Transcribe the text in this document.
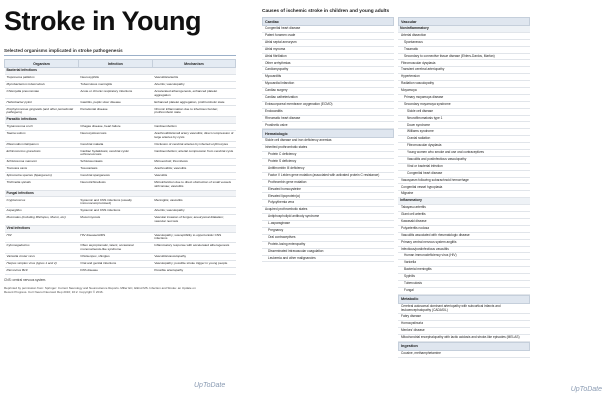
Stroke in Young
Selected organisms implicated in stroke pathogenesis
Organism	Infection	Mechanism
Bacterial infections		
Treponema pallidum	Neurosyphilis	Vasculitis/arteritis
Mycobacterium tuberculosis	Tuberculous meningitis	Arteritis; vasculopathy
Chlamydia pneumoniae	Acute or chronic respiratory infections	Accelerated atherogenesis, enhanced platelet aggregation
Helicobacter pylori	Gastritis, peptic ulcer disease	Enhanced platelet aggregation, prothrombotic state
Porphyromonas gingivalis (and other periodontal pathogens)	Periodontal disease	Chronic inflammation due to infectious burden; prothrombotic state
Parasitic infections		
Trypanosoma cruzi	Chagas disease, heart failure	Cardioembolism
Taenia solium	Neurocysticercosis	Arachnoiditis/small artery vasculitis; direct compression of large arteries by cysts
Plasmodium falciparum	Cerebral malaria	Occlusion of cerebral arteries by infected erythrocytes
Echinococcus granulosis	Cardiac hydatidosis; cerebral cystic echinococcosis	Cardioembolism; arterial compression from cerebral cysts
Schistosoma mansoni	Schistosomiasis	Microemboli; thrombosis
Toxocara canis	Toxocariasis	Arachnoiditis; vasculitis
Spirometra species (Sparganum)	Cerebral sparganosis	Vasculitis
Trichinella spiralis	Neurotrichinellosis	Microinfarction due to direct obstruction of small vessels with larvae; vasculitis
Fungal infections		
Cryptococcus	Systemic and CNS infections (usually immunocompromised)	Meningitis; vasculitis
Aspergillus	Systemic and CNS infections	Arteritis; vasculopathy
Mucorales (including Rhizopus, Mucor, etc)	Mucormycosis	Vascular invasion of fungus; aneurysmal dilatation; vascular necrosis
Viral infections		
HIV	HIV disease/AIDS	Vasculopathy; susceptibility to opportunistic CNS infections
Cytomegalovirus	Often asymptomatic, latent; occasional mononucleosis-like syndrome	Inflammatory response with accelerated atherogenesis
Varicella zoster virus	Chickenpox, shingles	Vasculitis/vasculopathy
Herpes simplex virus (types 1 and 2)	Oral and genital infections	Vasculopathy; possible stroke trigger in young people
Parvovirus B19	Fifth disease	Possible arteriopathy
CNS: central nervous system.
Reprinted by permission from: Springer: Current Neurology and Neuroscience Reports. Miller EC, Elkind MS. Infection and Stroke: an Update on Recent Progress. Curr Neurol Neurosci Rep 2016; 16:2. Copyright © 2016.
UpToDate
Causes of ischemic stroke in children and young adults
Cardiac
Congenital heart disease
Patent foramen ovale
Atrial septal aneurysm
Atrial myxoma
Atrial fibrillation
Other arrhythmias
Cardiomyopathy
Myocarditis
Myocardial infarction
Cardiac surgery
Cardiac catheterization
Extracorporeal membrane oxygenation (ECMO)
Endocarditis
Rheumatic heart disease
Prosthetic valve
Hematologic
Sickle cell disease and iron deficiency anemias
Inherited prothrombotic states
Protein C deficiency
Protein S deficiency
Antithrombin III deficiency
Factor V Leiden gene mutation (associated with activated protein C resistance)
Prothrombin gene mutation
Elevated homocysteine
Elevated lipoprotein(a)
Polycythemia vera
Acquired prothrombotic states
Antiphospholipid antibody syndrome
L-asparaginase
Pregnancy
Oral contraceptives
Protein-losing enteropathy
Disseminated intravascular coagulation
Leukemia and other malignancies
Vascular
Noninflammatory
Arterial dissection
Spontaneous
Traumatic
Secondary to connective tissue disease (Ehlers-Danlos, Marfan)
Fibromuscular dysplasia
Transient cerebral arteriopathy
Hypertension
Radiation vasculopathy
Moyamoya
Primary moyamoya disease
Secondary moyamoya syndrome
Sickle cell disease
Neurofibromatosis type 1
Down syndrome
Williams syndrome
Cranial radiation
Fibromuscular dysplasia
Young women who smoke and use oral contraceptives
Vasculitis and postinfectious vasculopathy
Viral or bacterial infection
Congenital heart disease
Vasospasm following subarachnoid hemorrhage
Congenital vessel hypoplasia
Migraine
Inflammatory
Takayasu arteritis
Giant cell arteritis
Kawasaki disease
Polyarteritis nodosa
Vasculitis associated with rheumatologic disease
Primary central nervous system angiitis
Infectious/postinfectious vasculitis
Human immunodeficiency virus (HIV)
Varicella
Bacterial meningitis
Syphilis
Tuberculosis
Fungal
Metabolic
Cerebral autosomal dominant arteriopathy with subcortical infarcts and leukoencephalopathy (CADASIL)
Fabry disease
Homocystinuria
Menkes' disease
Mitochondrial encephalopathy with lactic acidosis and stroke-like episodes (MELAS)
Ingestion
Cocaine, methamphetamine
UpToDate
